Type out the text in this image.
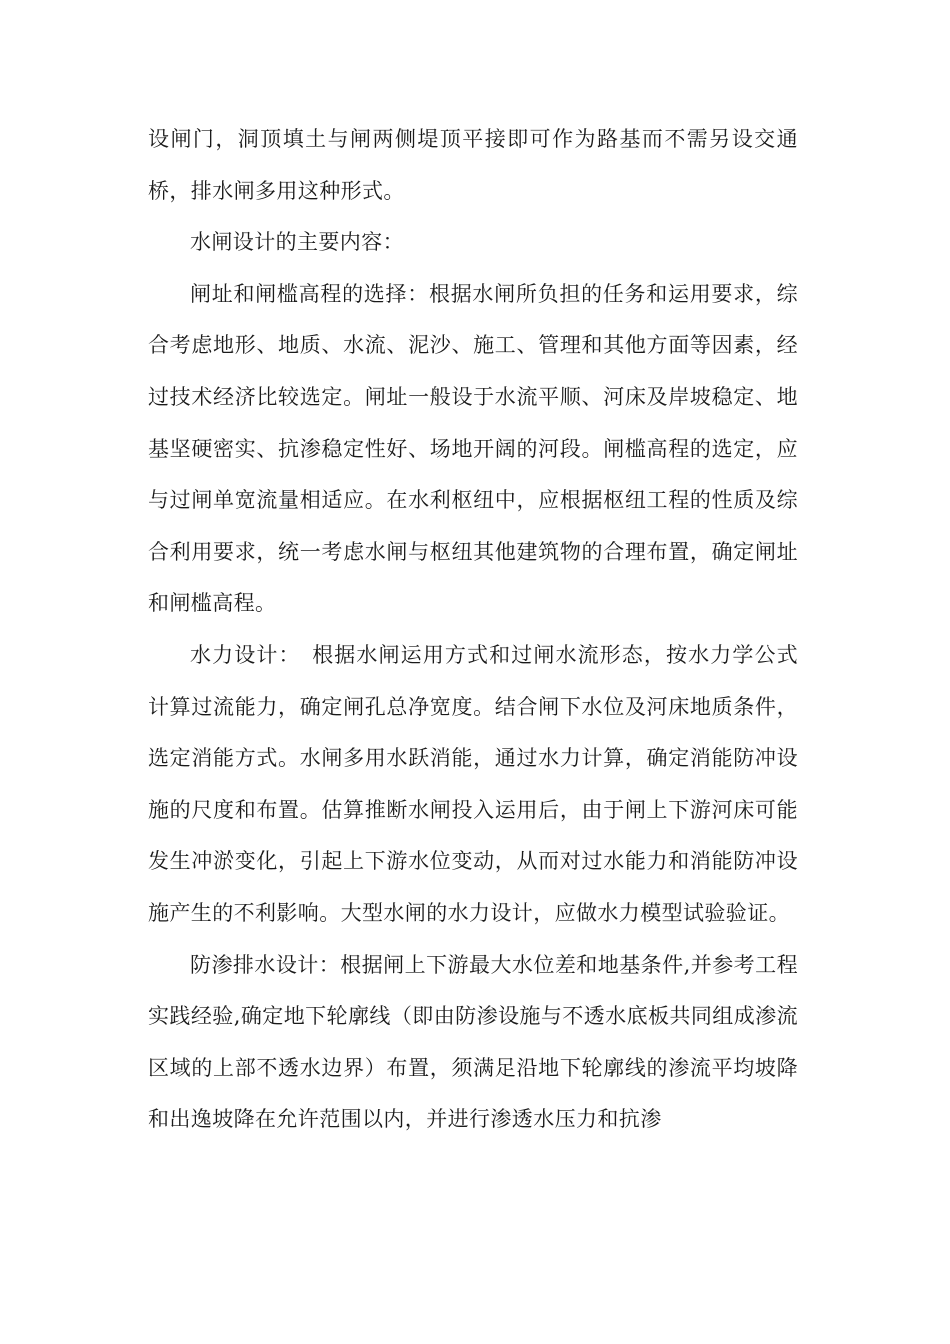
设闸门，洞顶填土与闸两侧堤顶平接即可作为路基而不需另设交通桥，排水闸多用这种形式。

水闸设计的主要内容：

闸址和闸槛高程的选择：根据水闸所负担的任务和运用要求，综合考虑地形、地质、水流、泥沙、施工、管理和其他方面等因素，经过技术经济比较选定。闸址一般设于水流平顺、河床及岸坡稳定、地基坚硬密实、抗渗稳定性好、场地开阔的河段。闸槛高程的选定，应与过闸单宽流量相适应。在水利枢纽中，应根据枢纽工程的性质及综合利用要求，统一考虑水闸与枢纽其他建筑物的合理布置，确定闸址和闸槛高程。

水力设计：　根据水闸运用方式和过闸水流形态，按水力学公式计算过流能力，确定闸孔总净宽度。结合闸下水位及河床地质条件，选定消能方式。水闸多用水跃消能，通过水力计算，确定消能防冲设施的尺度和布置。估算推断水闸投入运用后，由于闸上下游河床可能发生冲淤变化，引起上下游水位变动，从而对过水能力和消能防冲设施产生的不利影响。大型水闸的水力设计，应做水力模型试验验证。

防渗排水设计：根据闸上下游最大水位差和地基条件,并参考工程实践经验,确定地下轮廓线（即由防渗设施与不透水底板共同组成渗流区域的上部不透水边界）布置，须满足沿地下轮廓线的渗流平均坡降和出逸坡降在允许范围以内，并进行渗透水压力和抗渗
